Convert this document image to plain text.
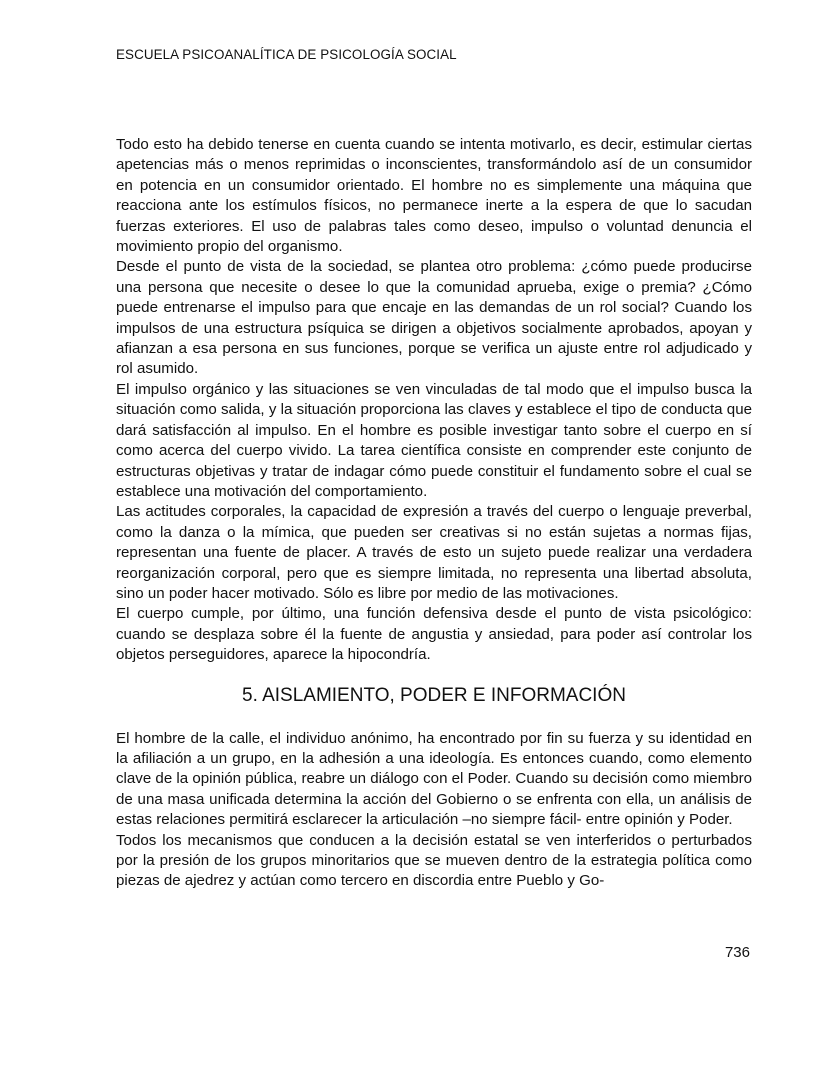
ESCUELA PSICOANALÍTICA DE PSICOLOGÍA SOCIAL

Todo esto ha debido tenerse en cuenta cuando se intenta motivarlo, es decir, estimular ciertas apetencias más o menos reprimidas o inconscientes, transformándolo así de un consumidor en potencia en un consumidor orientado. El hombre no es simplemente una máquina que reacciona ante los estímulos físicos, no permanece inerte a la espera de que lo sacudan fuerzas exteriores. El uso de palabras tales como deseo, impulso o voluntad denuncia el movimiento propio del organismo.

Desde el punto de vista de la sociedad, se plantea otro problema: ¿cómo puede producirse una persona que necesite o desee lo que la comunidad aprueba, exige o premia? ¿Cómo puede entrenarse el impulso para que encaje en las demandas de un rol social? Cuando los impulsos de una estructura psíquica se dirigen a objetivos socialmente aprobados, apoyan y afianzan a esa persona en sus funciones, porque se verifica un ajuste entre rol adjudicado y rol asumido.

El impulso orgánico y las situaciones se ven vinculadas de tal modo que el impulso busca la situación como salida, y la situación proporciona las claves y establece el tipo de conducta que dará satisfacción al impulso. En el hombre es posible investigar tanto sobre el cuerpo en sí como acerca del cuerpo vivido. La tarea científica consiste en comprender este conjunto de estructuras objetivas y tratar de indagar cómo puede constituir el fundamento sobre el cual se establece una motivación del comportamiento.

Las actitudes corporales, la capacidad de expresión a través del cuerpo o lenguaje preverbal, como la danza o la mímica, que pueden ser creativas si no están sujetas a normas fijas, representan una fuente de placer. A través de esto un sujeto puede realizar una verdadera reorganización corporal, pero que es siempre limitada, no representa una libertad absoluta, sino un poder hacer motivado. Sólo es libre por medio de las motivaciones.

El cuerpo cumple, por último, una función defensiva desde el punto de vista psicológico: cuando se desplaza sobre él la fuente de angustia y ansiedad, para poder así controlar los objetos perseguidores, aparece la hipocondría.

5. AISLAMIENTO, PODER E INFORMACIÓN

El hombre de la calle, el individuo anónimo, ha encontrado por fin su fuerza y su identidad en la afiliación a un grupo, en la adhesión a una ideología. Es entonces cuando, como elemento clave de la opinión pública, reabre un diálogo con el Poder. Cuando su decisión como miembro de una masa unificada determina la acción del Gobierno o se enfrenta con ella, un análisis de estas relaciones permitirá esclarecer la articulación –no siempre fácil- entre opinión y Poder.

Todos los mecanismos que conducen a la decisión estatal se ven interferidos o perturbados por la presión de los grupos minoritarios que se mueven dentro de la estrategia política como piezas de ajedrez y actúan como tercero en discordia entre Pueblo y Go-

736
